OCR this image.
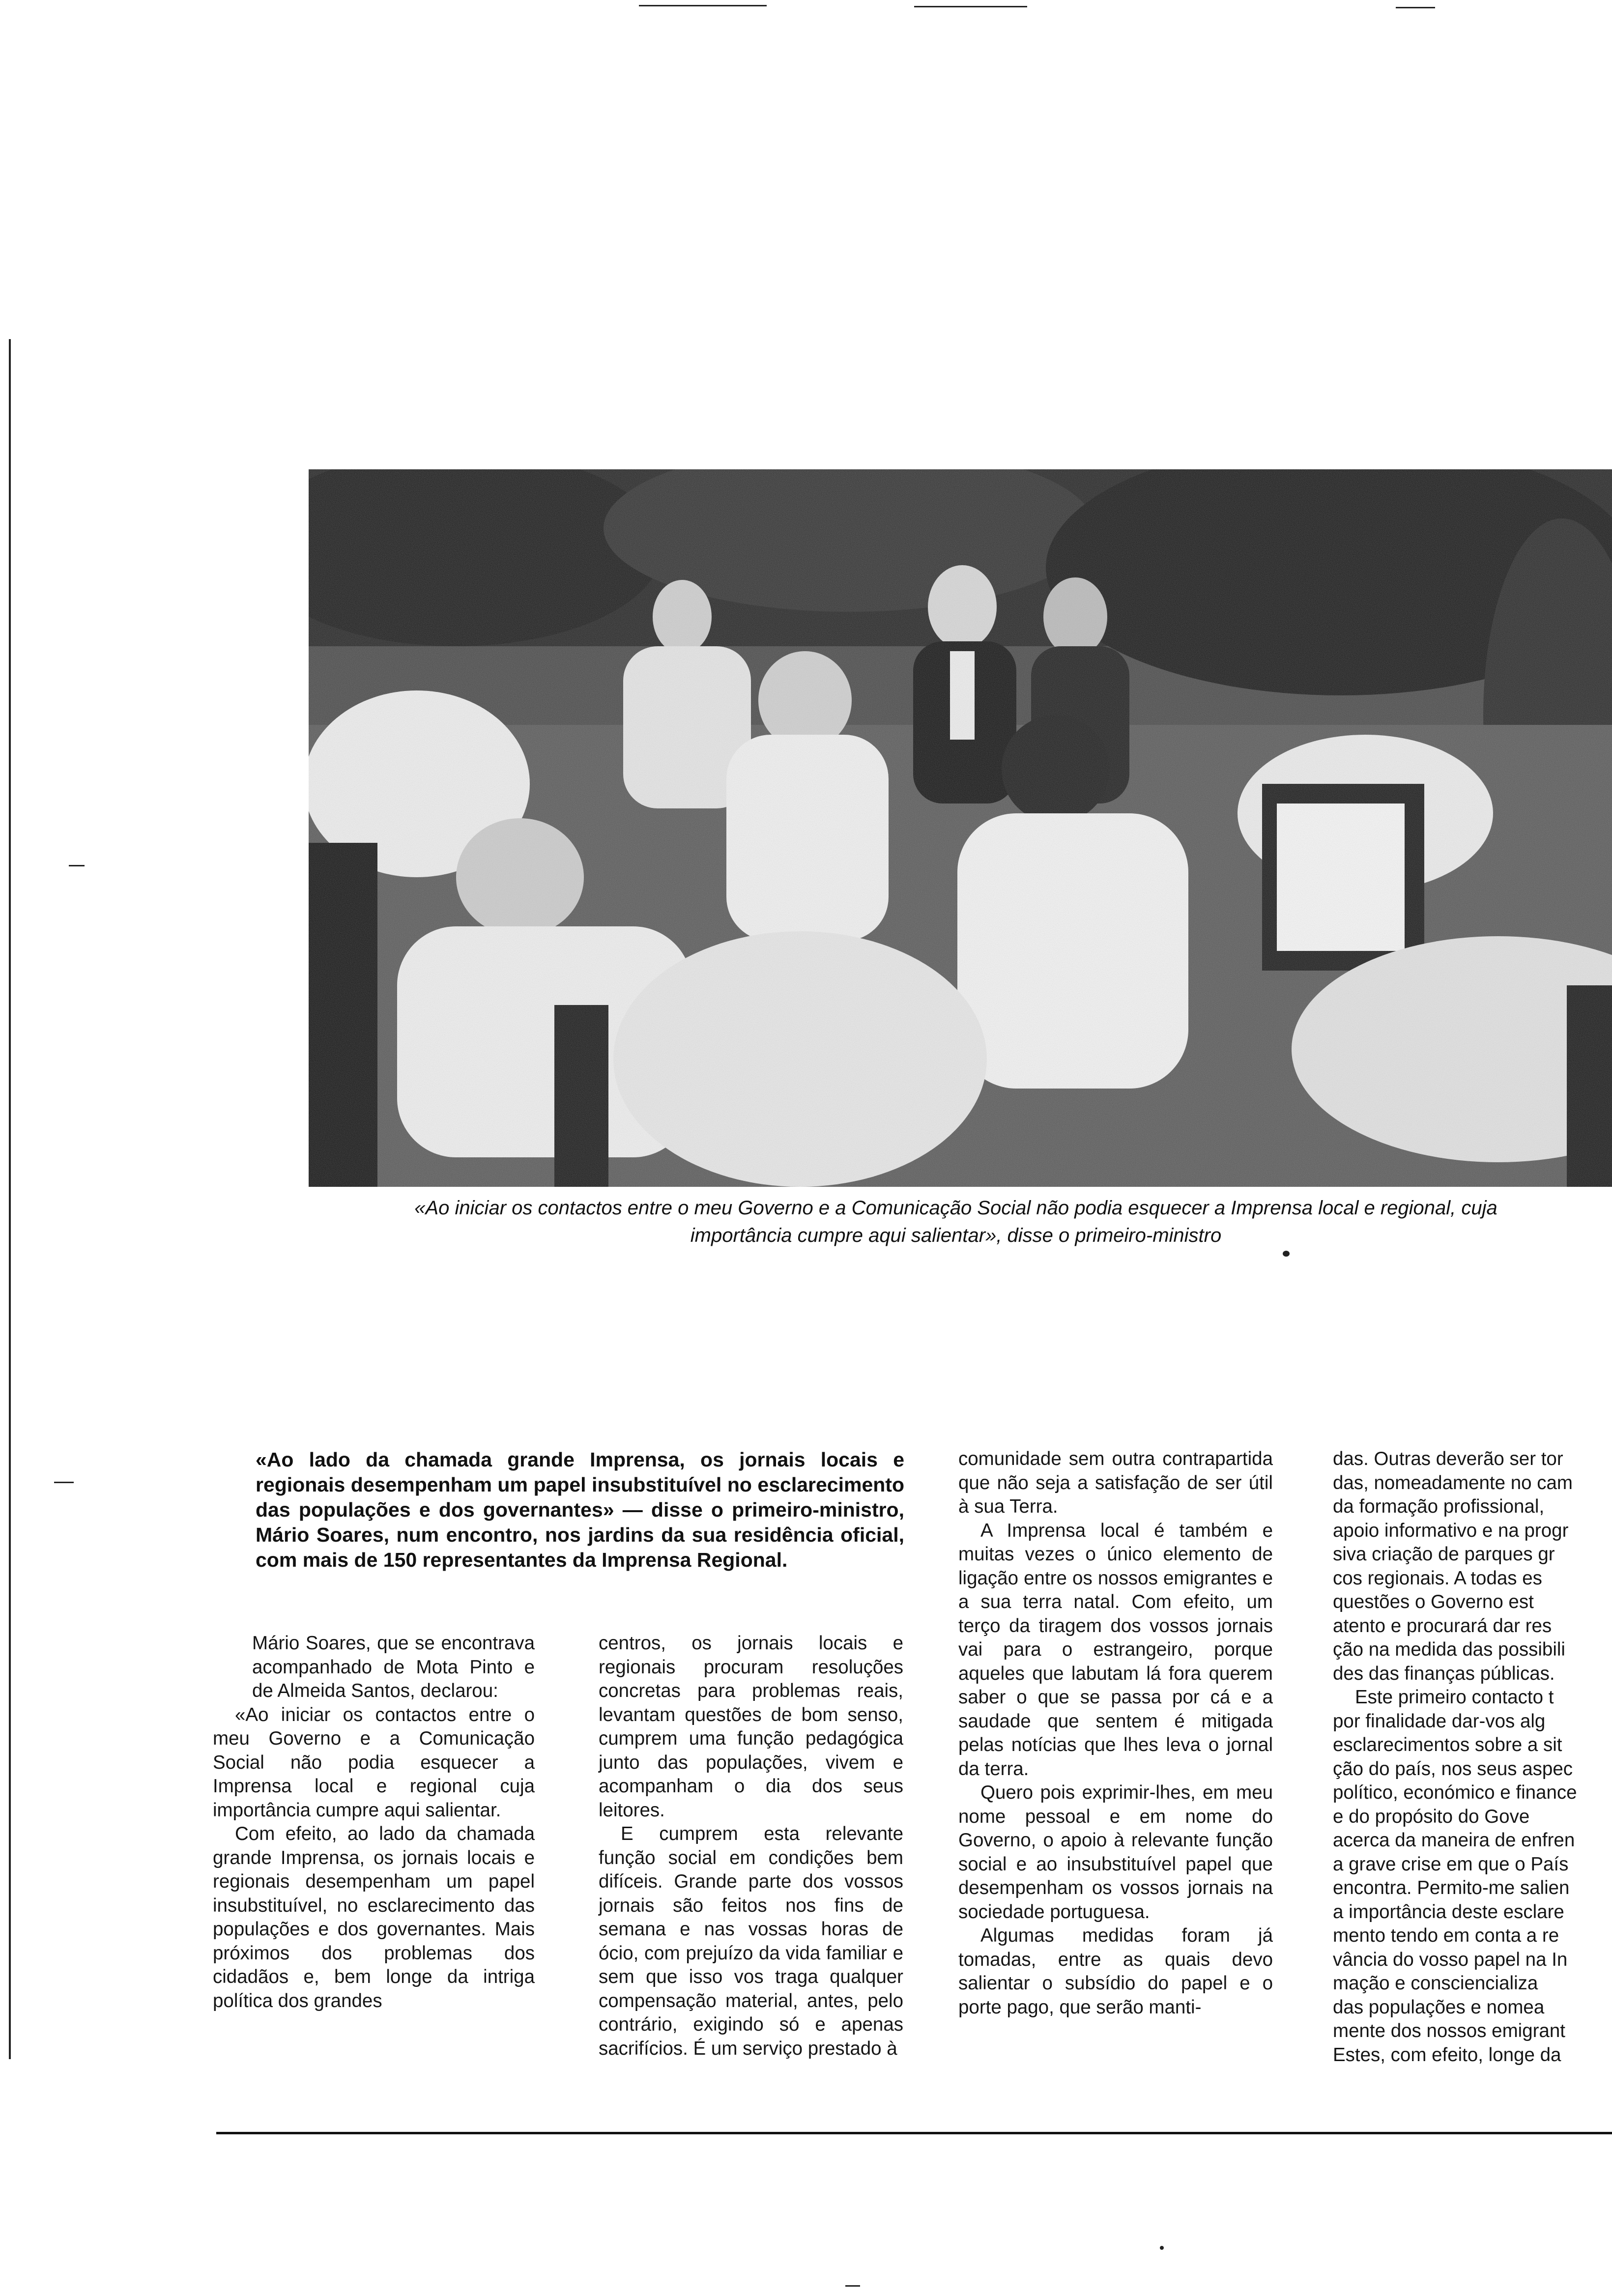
«Ao iniciar os contactos entre o meu Governo e a Comunicação Social não podia esquecer a Imprensa local e regional, cuja
importância cumpre aqui salientar», disse o primeiro-ministro
«Ao lado da chamada grande Imprensa, os jornais locais e regionais desempenham um papel insubstituível no esclarecimento das populações e dos governantes» — disse o primeiro-ministro, Mário Soares, num encontro, nos jardins da sua residência oficial, com mais de 150 representantes da Imprensa Regional.

Mário Soares, que se encontrava acompanhado de Mota Pinto e de Almeida Santos, declarou:

«Ao iniciar os contactos entre o meu Governo e a Comunicação Social não podia esquecer a Imprensa local e regional cuja importância cumpre aqui salientar.

Com efeito, ao lado da chamada grande Imprensa, os jornais locais e regionais desempenham um papel insubstituível, no esclarecimento das populações e dos governantes. Mais próximos dos problemas dos cidadãos e, bem longe da intriga política dos grandes

centros, os jornais locais e regionais procuram resoluções concretas para problemas reais, levantam questões de bom senso, cumprem uma função pedagógica junto das populações, vivem e acompanham o dia dos seus leitores.

E cumprem esta relevante função social em condições bem difíceis. Grande parte dos vossos jornais são feitos nos fins de semana e nas vossas horas de ócio, com prejuízo da vida familiar e sem que isso vos traga qualquer compensação material, antes, pelo contrário, exigindo só e apenas sacrifícios. É um serviço prestado à

comunidade sem outra contrapartida que não seja a satisfação de ser útil à sua Terra.

A Imprensa local é também e muitas vezes o único elemento de ligação entre os nossos emigrantes e a sua terra natal. Com efeito, um terço da tiragem dos vossos jornais vai para o estrangeiro, porque aqueles que labutam lá fora querem saber o que se passa por cá e a saudade que sentem é mitigada pelas notícias que lhes leva o jornal da terra.

Quero pois exprimir-lhes, em meu nome pessoal e em nome do Governo, o apoio à relevante função social e ao insubstituível papel que desempenham os vossos jornais na sociedade portuguesa.

Algumas medidas foram já tomadas, entre as quais devo salientar o subsídio do papel e o porte pago, que serão manti-

das. Outras deverão ser tor
das, nomeadamente no cam
da formação profissional,
apoio informativo e na progr
siva criação de parques gr
cos regionais. A todas es
questões o Governo est
atento e procurará dar res
ção na medida das possibili
des das finanças públicas.
Este primeiro contacto t
por finalidade dar-vos alg
esclarecimentos sobre a sit
ção do país, nos seus aspec
político, económico e finance
e do propósito do Gove
acerca da maneira de enfren
a grave crise em que o País
encontra. Permito-me salien
a importância deste esclare
mento tendo em conta a re
vância do vosso papel na In
mação e consciencializa
das populações e nomea
mente dos nossos emigrant
Estes, com efeito, longe da
